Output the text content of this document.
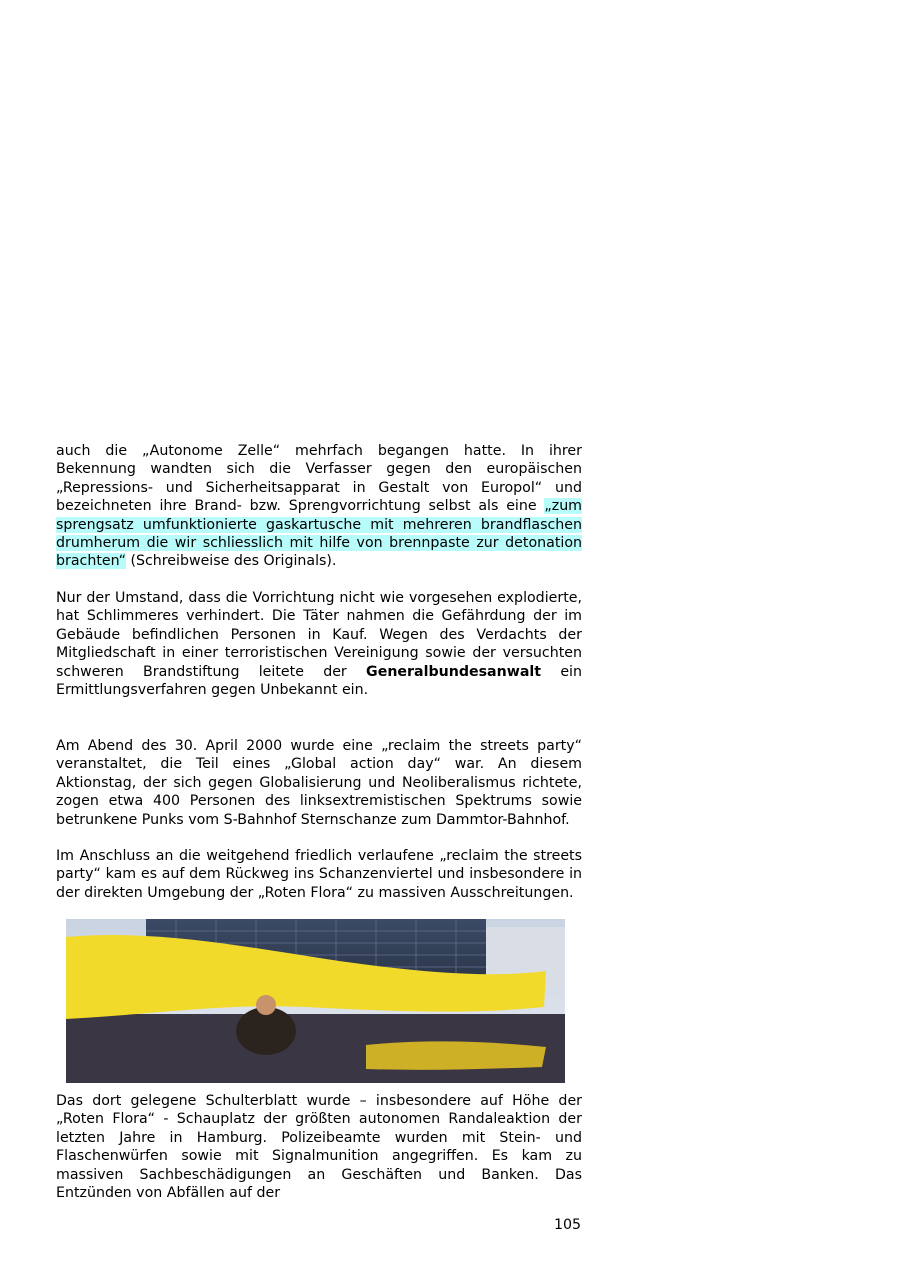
auch die „Autonome Zelle“ mehrfach begangen hatte. In ihrer Bekennung wandten sich die Verfasser gegen den europäischen „Repressions- und Sicherheitsapparat in Gestalt von Europol“ und bezeichneten ihre Brand- bzw. Sprengvorrichtung selbst als eine „zum sprengsatz umfunktionierte gaskartusche mit mehreren brandflaschen drumherum die wir schliesslich mit hilfe von brennpaste zur detonation brachten“ (Schreibweise des Originals).

Nur der Umstand, dass die Vorrichtung nicht wie vorgesehen explodierte, hat Schlimmeres verhindert. Die Täter nahmen die Gefährdung der im Gebäude befindlichen Personen in Kauf. Wegen des Verdachts der Mitgliedschaft in einer terroristischen Vereinigung sowie der versuchten schweren Brandstiftung leitete der Generalbundesanwalt ein Ermittlungsverfahren gegen Unbekannt ein.

Am Abend des 30. April 2000 wurde eine „reclaim the streets party“ veranstaltet, die Teil eines „Global action day“ war. An diesem Aktionstag, der sich gegen Globalisierung und Neoliberalismus richtete, zogen etwa 400 Personen des linksextremistischen Spektrums sowie betrunkene Punks vom S-Bahnhof Sternschanze zum Dammtor-Bahnhof.

Im Anschluss an die weitgehend friedlich verlaufene „reclaim the streets party“ kam es auf dem Rückweg ins Schanzenviertel und insbesondere in der direkten Umgebung der „Roten Flora“ zu massiven Ausschreitungen.

Das dort gelegene Schulterblatt wurde – insbesondere auf Höhe der „Roten Flora“ - Schauplatz der größten autonomen Randaleaktion der letzten Jahre in Hamburg. Polizeibeamte wurden mit Stein- und Flaschenwürfen sowie mit Signalmunition angegriffen. Es kam zu massiven Sachbeschädigungen an Geschäften und Banken. Das Entzünden von Abfällen auf der

105
